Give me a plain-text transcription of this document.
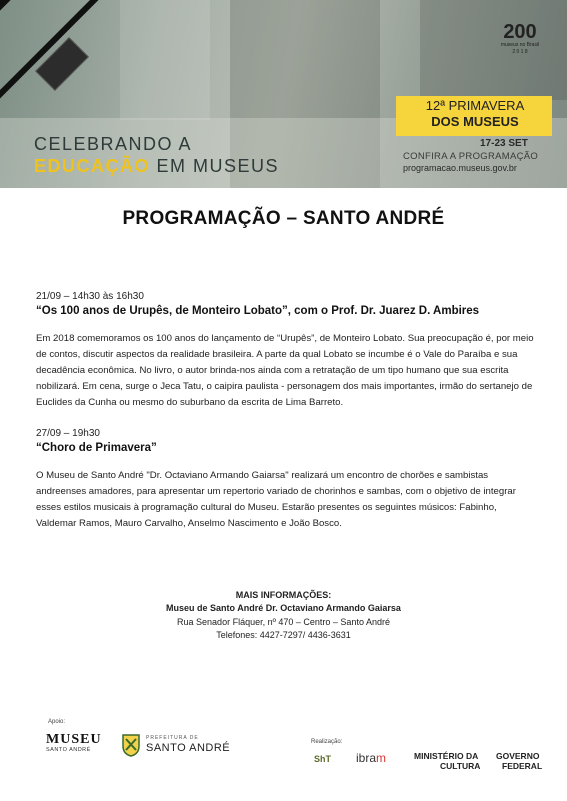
CELEBRANDO A
EDUCAÇÃO EM MUSEUS
200
museus no Brasil
2 0 1 8
12ª PRIMAVERA
DOS MUSEUS
17-23 SET
CONFIRA A PROGRAMAÇÃO
programacao.museus.gov.br
PROGRAMAÇÃO – SANTO ANDRÉ
21/09 – 14h30 às 16h30
“Os 100 anos de Urupês, de Monteiro Lobato”, com o Prof. Dr. Juarez D. Ambires

Em 2018 comemoramos os 100 anos do lançamento de “Urupês”, de Monteiro Lobato. Sua preocupação é, por meio de contos, discutir aspectos da realidade brasileira. A parte da qual Lobato se incumbe é o Vale do Paraíba e sua decadência econômica. No livro, o autor brinda-nos ainda com a retratação de um tipo humano que sua escrita nobilizará. Em cena, surge o Jeca Tatu, o caipira paulista - personagem dos mais importantes, irmão do sertanejo de Euclides da Cunha ou mesmo do suburbano da escrita de Lima Barreto.

27/09 – 19h30
“Choro de Primavera”

O Museu de Santo André "Dr. Octaviano Armando Gaiarsa" realizará um encontro de chorões e sambistas andreenses amadores, para apresentar um repertorio variado de chorinhos e sambas, com o objetivo de integrar esses estilos musicais à programação cultural do Museu. Estarão presentes os seguintes músicos: Fabinho, Valdemar Ramos, Mauro Carvalho, Anselmo Nascimento e João Bosco.

MAIS INFORMAÇÕES:
Museu de Santo André Dr. Octaviano Armando Gaiarsa
Rua Senador Fláquer, nº 470 – Centro – Santo André
Telefones: 4427-7297/ 4436-3631
Apoio:
MUSEU
SANTO ANDRÉ
PREFEITURA DE
SANTO ANDRÉ	Realização:
ShT ibram	MINISTÉRIO DA
CULTURA
GOVERNO
FEDERAL
